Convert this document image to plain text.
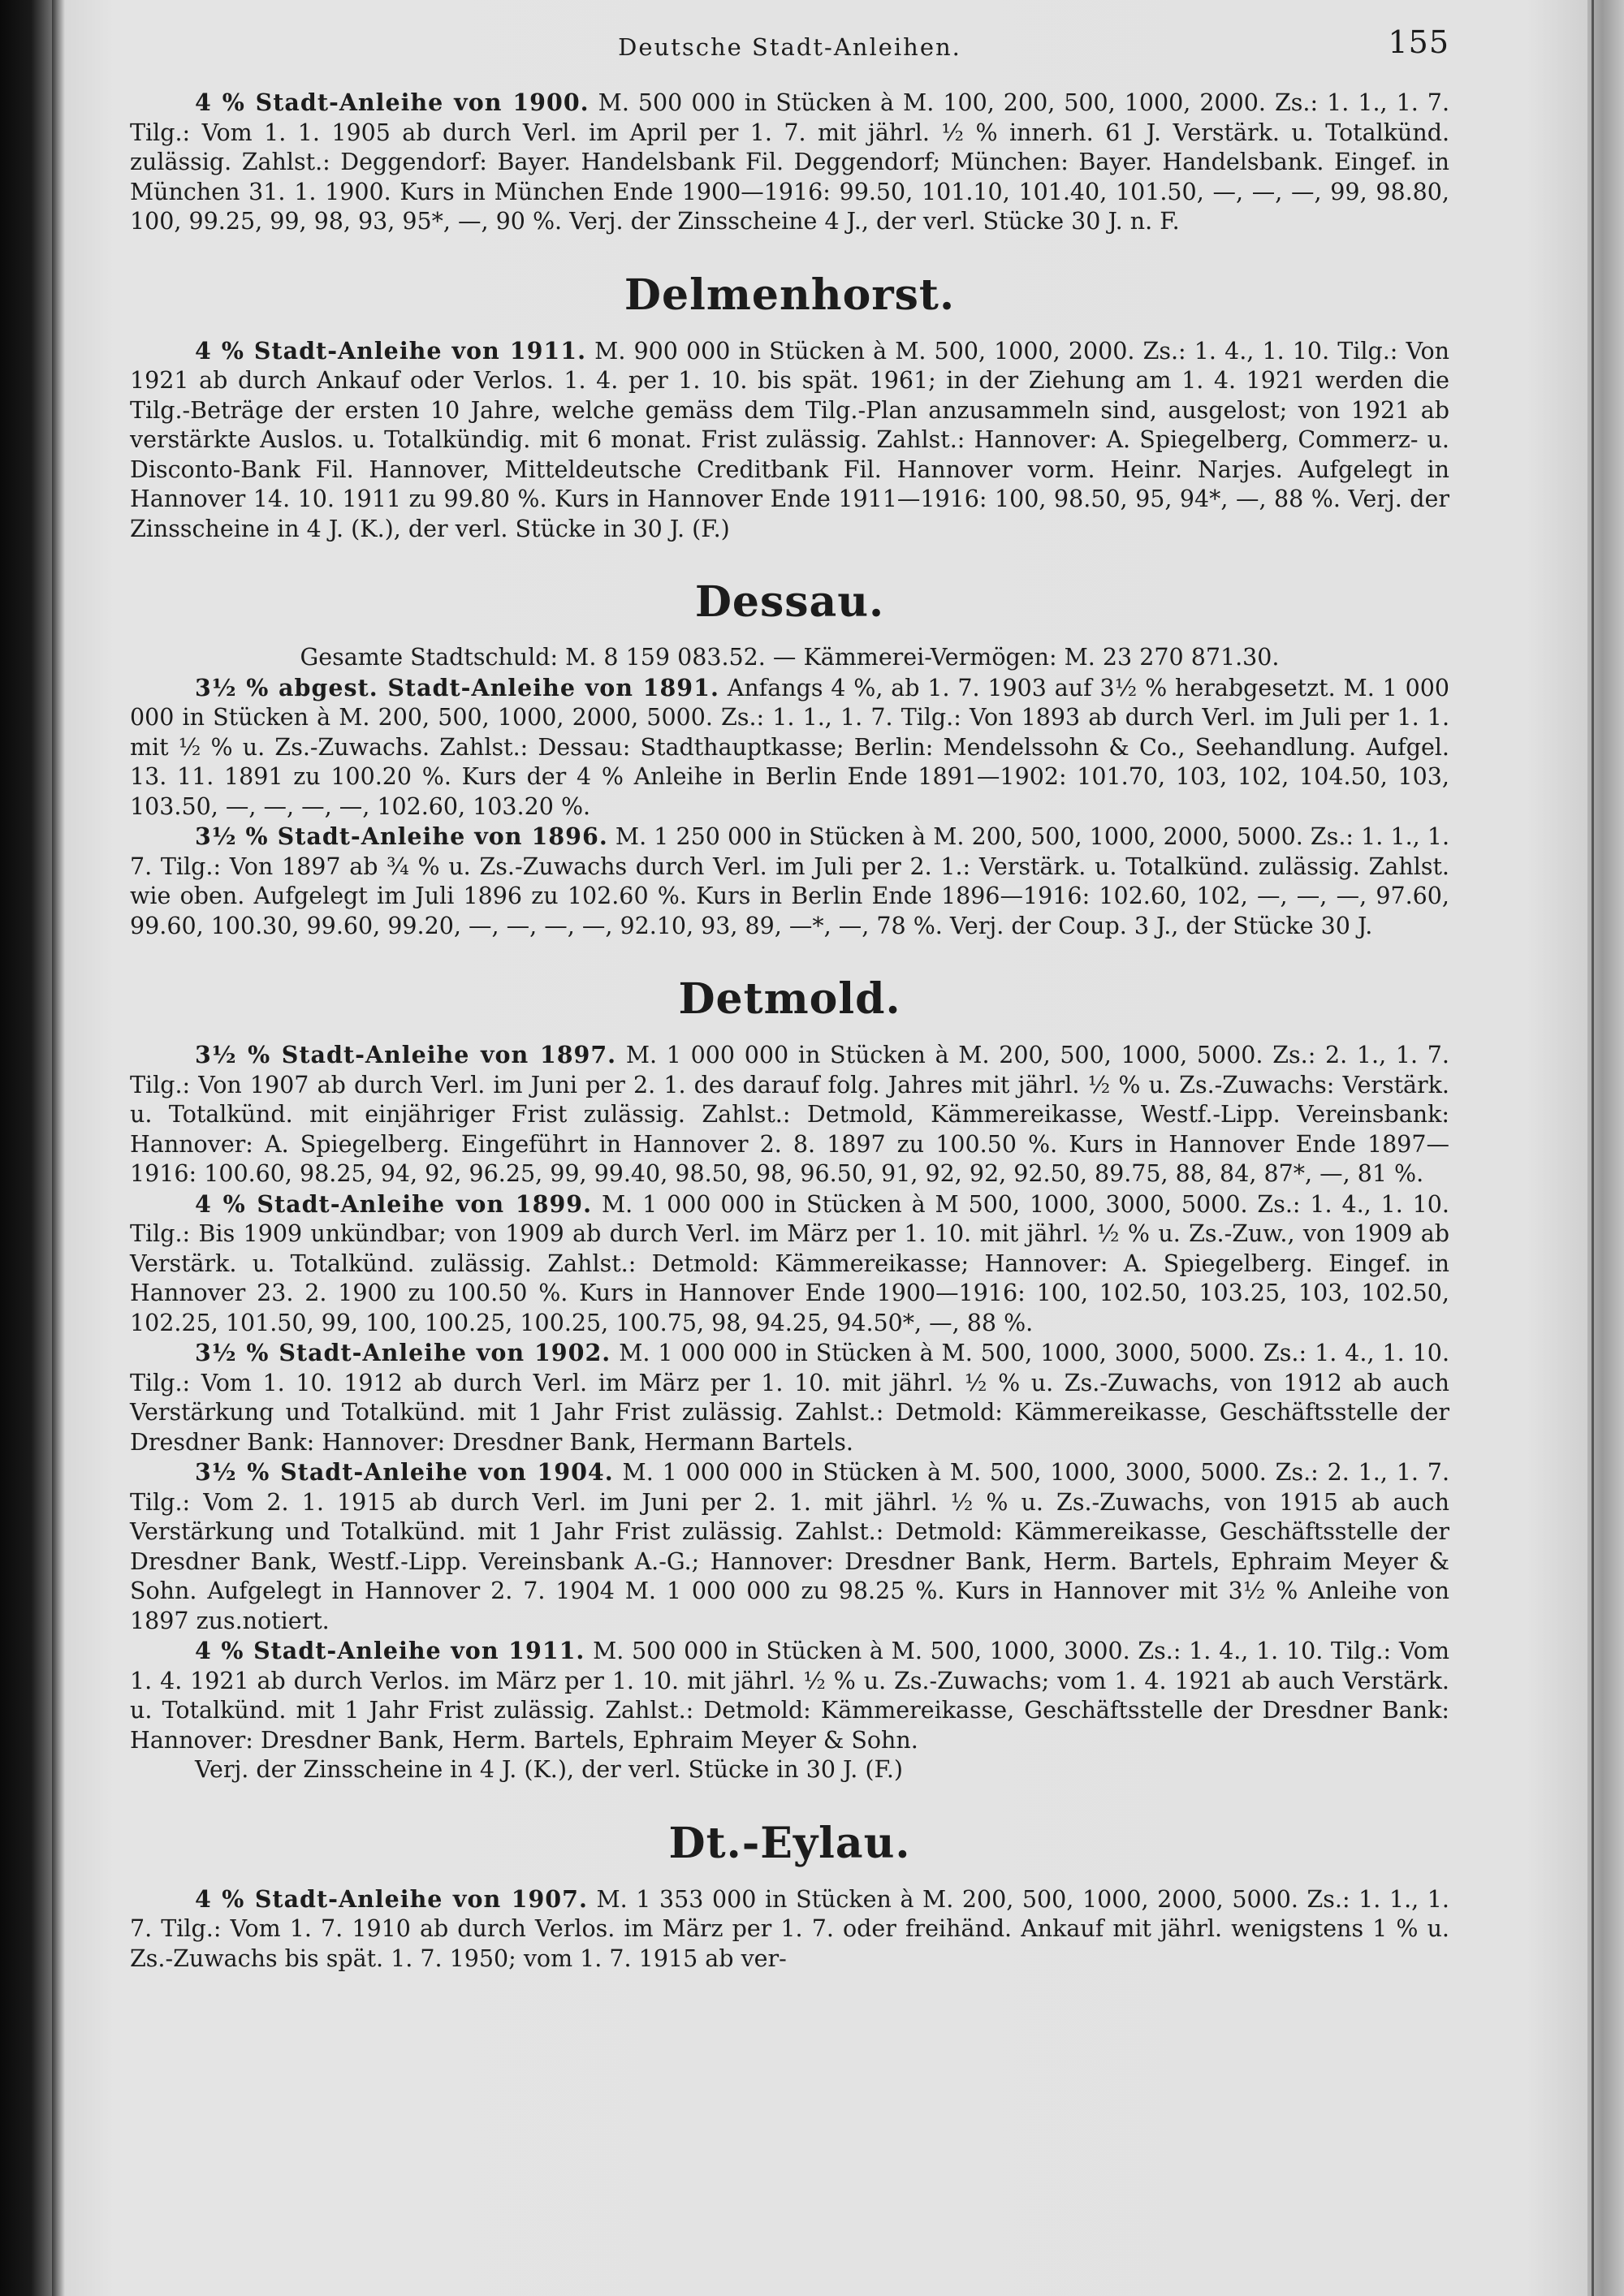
Deutsche Stadt-Anleihen.	155

4 % Stadt-Anleihe von 1900. M. 500 000 in Stücken à M. 100, 200, 500, 1000, 2000. Zs.: 1. 1., 1. 7. Tilg.: Vom 1. 1. 1905 ab durch Verl. im April per 1. 7. mit jährl. ½ % innerh. 61 J. Verstärk. u. Totalkünd. zulässig. Zahlst.: Deggendorf: Bayer. Handelsbank Fil. Deggendorf; München: Bayer. Handelsbank. Eingef. in München 31. 1. 1900. Kurs in München Ende 1900—1916: 99.50, 101.10, 101.40, 101.50, —, —, —, 99, 98.80, 100, 99.25, 99, 98, 93, 95*, —, 90 %. Verj. der Zinsscheine 4 J., der verl. Stücke 30 J. n. F.

Delmenhorst.

4 % Stadt-Anleihe von 1911. M. 900 000 in Stücken à M. 500, 1000, 2000. Zs.: 1. 4., 1. 10. Tilg.: Von 1921 ab durch Ankauf oder Verlos. 1. 4. per 1. 10. bis spät. 1961; in der Ziehung am 1. 4. 1921 werden die Tilg.-Beträge der ersten 10 Jahre, welche gemäss dem Tilg.-Plan anzusammeln sind, ausgelost; von 1921 ab verstärkte Auslos. u. Totalkündig. mit 6 monat. Frist zulässig. Zahlst.: Hannover: A. Spiegelberg, Commerz- u. Disconto-Bank Fil. Hannover, Mitteldeutsche Creditbank Fil. Hannover vorm. Heinr. Narjes. Aufgelegt in Hannover 14. 10. 1911 zu 99.80 %. Kurs in Hannover Ende 1911—1916: 100, 98.50, 95, 94*, —, 88 %. Verj. der Zinsscheine in 4 J. (K.), der verl. Stücke in 30 J. (F.)

Dessau.

Gesamte Stadtschuld: M. 8 159 083.52. — Kämmerei-Vermögen: M. 23 270 871.30.

3½ % abgest. Stadt-Anleihe von 1891. Anfangs 4 %, ab 1. 7. 1903 auf 3½ % herabgesetzt. M. 1 000 000 in Stücken à M. 200, 500, 1000, 2000, 5000. Zs.: 1. 1., 1. 7. Tilg.: Von 1893 ab durch Verl. im Juli per 1. 1. mit ½ % u. Zs.-Zuwachs. Zahlst.: Dessau: Stadthauptkasse; Berlin: Mendelssohn & Co., Seehandlung. Aufgel. 13. 11. 1891 zu 100.20 %. Kurs der 4 % Anleihe in Berlin Ende 1891—1902: 101.70, 103, 102, 104.50, 103, 103.50, —, —, —, —, 102.60, 103.20 %.

3½ % Stadt-Anleihe von 1896. M. 1 250 000 in Stücken à M. 200, 500, 1000, 2000, 5000. Zs.: 1. 1., 1. 7. Tilg.: Von 1897 ab ¾ % u. Zs.-Zuwachs durch Verl. im Juli per 2. 1.: Verstärk. u. Totalkünd. zulässig. Zahlst. wie oben. Aufgelegt im Juli 1896 zu 102.60 %. Kurs in Berlin Ende 1896—1916: 102.60, 102, —, —, —, 97.60, 99.60, 100.30, 99.60, 99.20, —, —, —, —, 92.10, 93, 89, —*, —, 78 %. Verj. der Coup. 3 J., der Stücke 30 J.

Detmold.

3½ % Stadt-Anleihe von 1897. M. 1 000 000 in Stücken à M. 200, 500, 1000, 5000. Zs.: 2. 1., 1. 7. Tilg.: Von 1907 ab durch Verl. im Juni per 2. 1. des darauf folg. Jahres mit jährl. ½ % u. Zs.-Zuwachs: Verstärk. u. Totalkünd. mit einjähriger Frist zulässig. Zahlst.: Detmold, Kämmereikasse, Westf.-Lipp. Vereinsbank: Hannover: A. Spiegelberg. Eingeführt in Hannover 2. 8. 1897 zu 100.50 %. Kurs in Hannover Ende 1897—1916: 100.60, 98.25, 94, 92, 96.25, 99, 99.40, 98.50, 98, 96.50, 91, 92, 92, 92.50, 89.75, 88, 84, 87*, —, 81 %.

4 % Stadt-Anleihe von 1899. M. 1 000 000 in Stücken à M 500, 1000, 3000, 5000. Zs.: 1. 4., 1. 10. Tilg.: Bis 1909 unkündbar; von 1909 ab durch Verl. im März per 1. 10. mit jährl. ½ % u. Zs.-Zuw., von 1909 ab Verstärk. u. Totalkünd. zulässig. Zahlst.: Detmold: Kämmereikasse; Hannover: A. Spiegelberg. Eingef. in Hannover 23. 2. 1900 zu 100.50 %. Kurs in Hannover Ende 1900—1916: 100, 102.50, 103.25, 103, 102.50, 102.25, 101.50, 99, 100, 100.25, 100.25, 100.75, 98, 94.25, 94.50*, —, 88 %.

3½ % Stadt-Anleihe von 1902. M. 1 000 000 in Stücken à M. 500, 1000, 3000, 5000. Zs.: 1. 4., 1. 10. Tilg.: Vom 1. 10. 1912 ab durch Verl. im März per 1. 10. mit jährl. ½ % u. Zs.-Zuwachs, von 1912 ab auch Verstärkung und Totalkünd. mit 1 Jahr Frist zulässig. Zahlst.: Detmold: Kämmereikasse, Geschäftsstelle der Dresdner Bank: Hannover: Dresdner Bank, Hermann Bartels.

3½ % Stadt-Anleihe von 1904. M. 1 000 000 in Stücken à M. 500, 1000, 3000, 5000. Zs.: 2. 1., 1. 7. Tilg.: Vom 2. 1. 1915 ab durch Verl. im Juni per 2. 1. mit jährl. ½ % u. Zs.-Zuwachs, von 1915 ab auch Verstärkung und Totalkünd. mit 1 Jahr Frist zulässig. Zahlst.: Detmold: Kämmereikasse, Geschäftsstelle der Dresdner Bank, Westf.-Lipp. Vereinsbank A.-G.; Hannover: Dresdner Bank, Herm. Bartels, Ephraim Meyer & Sohn. Aufgelegt in Hannover 2. 7. 1904 M. 1 000 000 zu 98.25 %. Kurs in Hannover mit 3½ % Anleihe von 1897 zus.notiert.

4 % Stadt-Anleihe von 1911. M. 500 000 in Stücken à M. 500, 1000, 3000. Zs.: 1. 4., 1. 10. Tilg.: Vom 1. 4. 1921 ab durch Verlos. im März per 1. 10. mit jährl. ½ % u. Zs.-Zuwachs; vom 1. 4. 1921 ab auch Verstärk. u. Totalkünd. mit 1 Jahr Frist zulässig. Zahlst.: Detmold: Kämmereikasse, Geschäftsstelle der Dresdner Bank: Hannover: Dresdner Bank, Herm. Bartels, Ephraim Meyer & Sohn.

Verj. der Zinsscheine in 4 J. (K.), der verl. Stücke in 30 J. (F.)

Dt.-Eylau.

4 % Stadt-Anleihe von 1907. M. 1 353 000 in Stücken à M. 200, 500, 1000, 2000, 5000. Zs.: 1. 1., 1. 7. Tilg.: Vom 1. 7. 1910 ab durch Verlos. im März per 1. 7. oder freihänd. Ankauf mit jährl. wenigstens 1 % u. Zs.-Zuwachs bis spät. 1. 7. 1950; vom 1. 7. 1915 ab ver-
